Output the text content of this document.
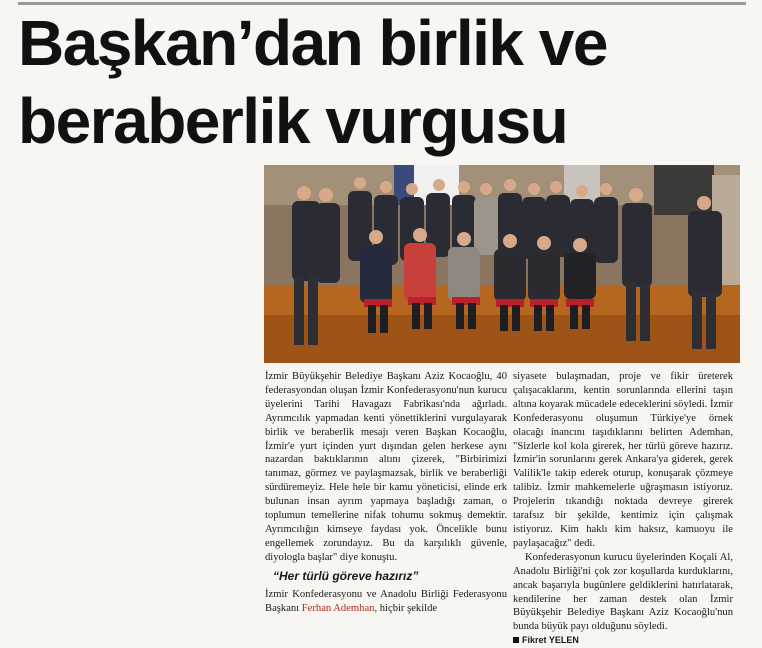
Başkan’dan birlik ve
beraberlik vurgusu

İzmir Büyükşehir Belediye Başkanı Aziz Kocaoğlu, 40 federasyondan oluşan İzmir Konfederasyonu'nun kurucu üyelerini Tarihi Havagazı Fabrikası'nda ağırladı. Ayrımcılık yapmadan kenti yönettiklerini vurgulayarak birlik ve beraberlik mesajı veren Başkan Kocaoğlu, İzmir'e yurt içinden yurt dışından gelen herkese aynı nazardan baktıklarının altını çizerek, "Birbirimizi tanımaz, görmez ve paylaşmazsak, birlik ve beraberliği sürdüremeyiz. Hele hele bir kamu yöneticisi, elinde erk bulunan insan ayrım yapmaya başladığı zaman, o toplumun temellerine nifak tohumu sokmuş demektir. Ayrımcılığın kimseye faydası yok. Öncelikle bunu engellemek zorundayız. Bu da karşılıklı güvenle, diyologla başlar" diye konuştu.

“Her türlü göreve hazırız”

İzmir Konfederasyonu ve Anadolu Birliği Federasyonu Başkanı Ferhan Ademhan, hiçbir şekilde

siyasete bulaşmadan, proje ve fikir üreterek çalışacaklarını, kentin sorunlarında ellerini taşın altına koyarak mücadele edeceklerini söyledi. İzmir Konfederasyonu oluşumun Türkiye'ye örnek olacağı inancını taşıdıklarını belirten Ademhan, "Sizlerle kol kola girerek, her türlü göreve hazırız. İzmir'in sorunlarını gerek Ankara'ya giderek, gerek Valilik'le takip ederek oturup, konuşarak çözmeye talibiz. İzmir mahkemelerle uğraşmasın istiyoruz. Projelerin tıkandığı noktada devreye girerek tarafsız bir şekilde, kentimiz için çalışmak istiyoruz. Kim haklı kim haksız, kamuoyu ile paylaşacağız" dedi.

Konfederasyonun kurucu üyelerinden Koçali Al, Anadolu Birliği'ni çok zor koşullarda kurduklarını, ancak başarıyla bugünlere geldiklerini hatırlatarak, kendilerine her zaman destek olan İzmir Büyükşehir Belediye Başkanı Aziz Kocaoğlu'nun bunda büyük payı olduğunu söyledi.

Fikret YELEN
